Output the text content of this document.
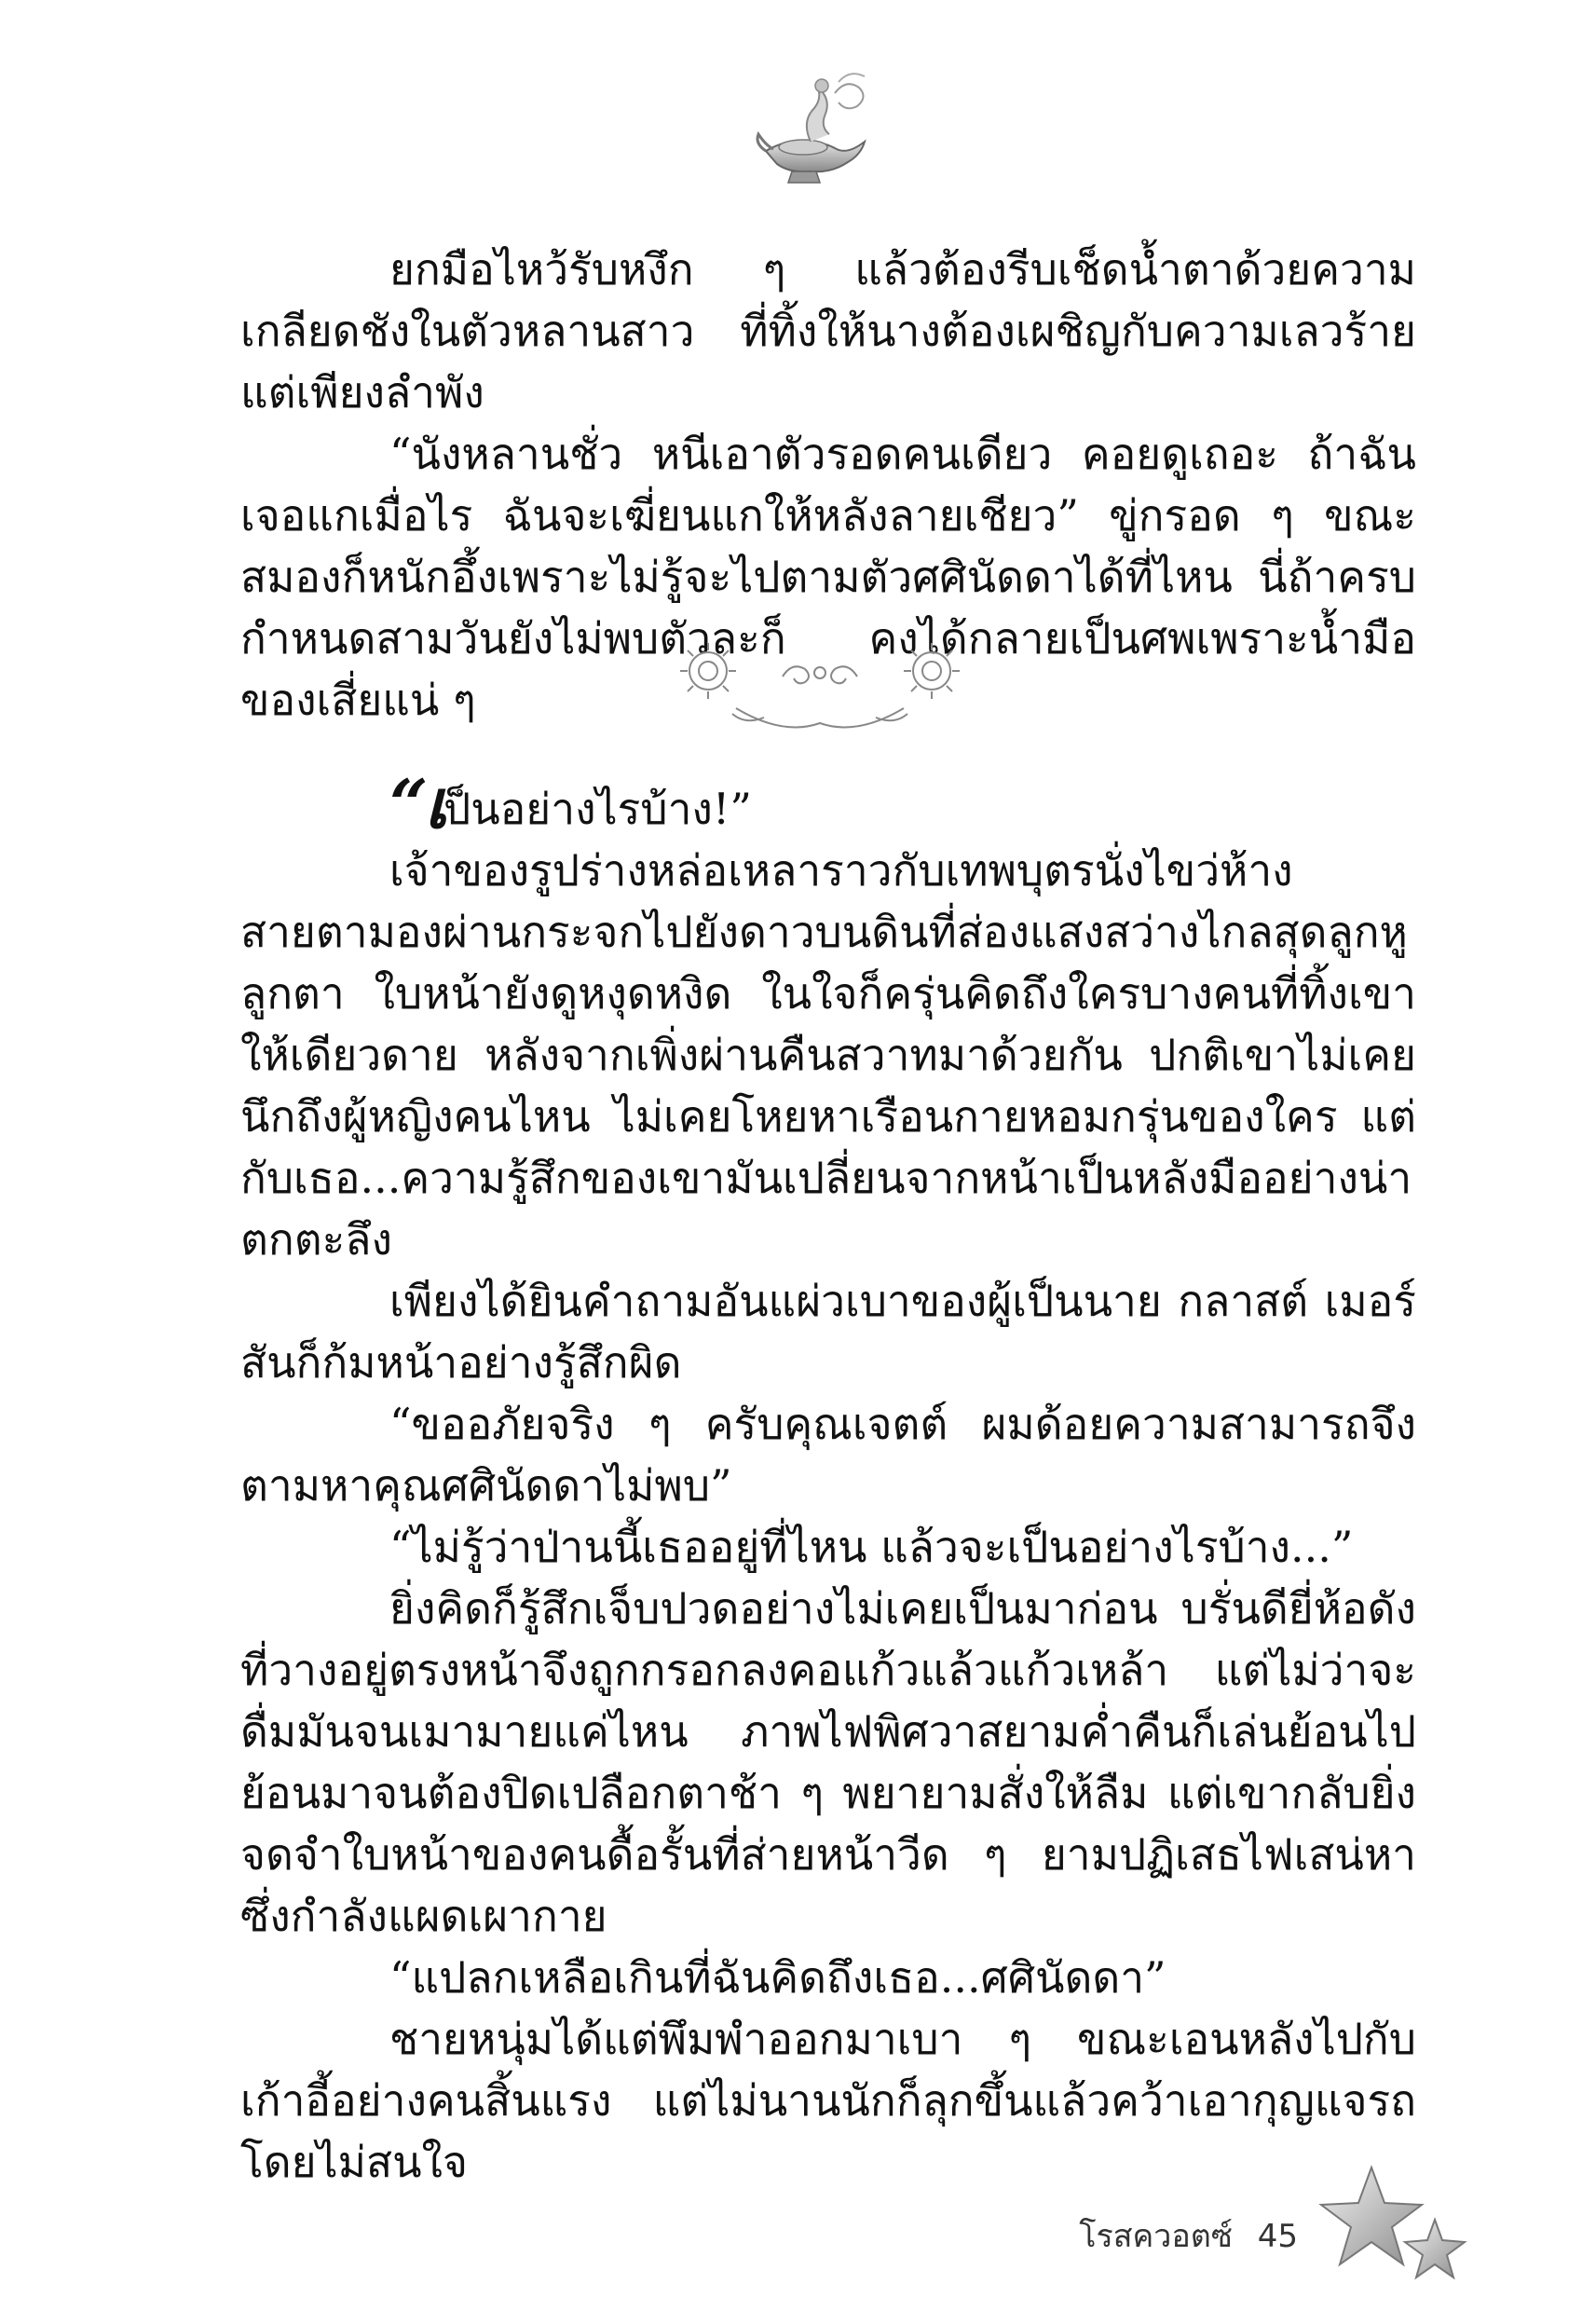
ยกมือไหว้รับหงึก ๆ แล้วต้องรีบเช็ดน้ำตาด้วยความเกลียดชังในตัวหลานสาว ที่ทิ้งให้นางต้องเผชิญกับความเลวร้ายแต่เพียงลำพัง

“นังหลานชั่ว หนีเอาตัวรอดคนเดียว คอยดูเถอะ ถ้าฉันเจอแกเมื่อไร ฉันจะเฆี่ยนแกให้หลังลายเชียว” ขู่กรอด ๆ ขณะสมองก็หนักอึ้งเพราะไม่รู้จะไปตามตัวศศินัดดาได้ที่ไหน นี่ถ้าครบกำหนดสามวันยังไม่พบตัวละก็ คงได้กลายเป็นศพเพราะน้ำมือของเสี่ยแน่ ๆ

“เป็นอย่างไรบ้าง!”

เจ้าของรูปร่างหล่อเหลาราวกับเทพบุตรนั่งไขว่ห้าง สายตามองผ่านกระจกไปยังดาวบนดินที่ส่องแสงสว่างไกลสุดลูกหูลูกตา ใบหน้ายังดูหงุดหงิด ในใจก็ครุ่นคิดถึงใครบางคนที่ทิ้งเขาให้เดียวดาย หลังจากเพิ่งผ่านคืนสวาทมาด้วยกัน ปกติเขาไม่เคยนึกถึงผู้หญิงคนไหน ไม่เคยโหยหาเรือนกายหอมกรุ่นของใคร แต่กับเธอ...ความรู้สึกของเขามันเปลี่ยนจากหน้าเป็นหลังมืออย่างน่าตกตะลึง

เพียงได้ยินคำถามอันแผ่วเบาของผู้เป็นนาย กลาสต์ เมอร์สันก็ก้มหน้าอย่างรู้สึกผิด

“ขออภัยจริง ๆ ครับคุณเจตต์ ผมด้อยความสามารถจึงตามหาคุณศศินัดดาไม่พบ”

“ไม่รู้ว่าป่านนี้เธออยู่ที่ไหน แล้วจะเป็นอย่างไรบ้าง...”

ยิ่งคิดก็รู้สึกเจ็บปวดอย่างไม่เคยเป็นมาก่อน บรั่นดียี่ห้อดังที่วางอยู่ตรงหน้าจึงถูกกรอกลงคอแก้วแล้วแก้วเหล้า แต่ไม่ว่าจะดื่มมันจนเมามายแค่ไหน ภาพไฟพิศวาสยามค่ำคืนก็เล่นย้อนไปย้อนมาจนต้องปิดเปลือกตาช้า ๆ พยายามสั่งให้ลืม แต่เขากลับยิ่งจดจำใบหน้าของคนดื้อรั้นที่ส่ายหน้าวีด ๆ ยามปฏิเสธไฟเสน่หาซึ่งกำลังแผดเผากาย

“แปลกเหลือเกินที่ฉันคิดถึงเธอ...ศศินัดดา”

ชายหนุ่มได้แต่พึมพำออกมาเบา ๆ ขณะเอนหลังไปกับเก้าอี้อย่างคนสิ้นแรง แต่ไม่นานนักก็ลุกขึ้นแล้วคว้าเอากุญแจรถ โดยไม่สนใจ

โรสควอตซ์ 45
